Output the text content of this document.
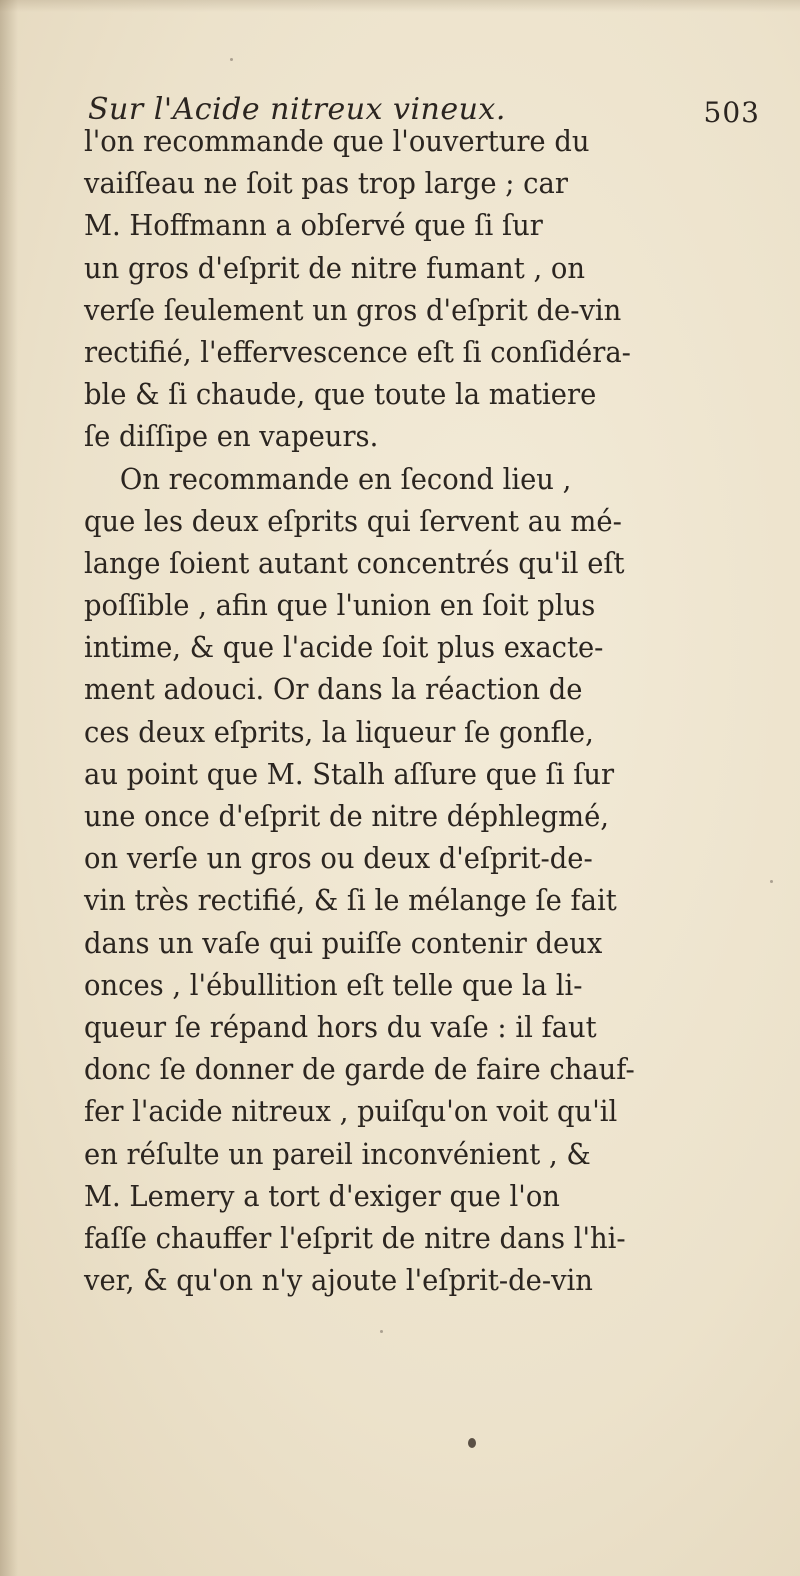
Sur l'Acide nitreux vineux.	503
l'on recommande que l'ouverture du
vaiſſeau ne ſoit pas trop large ; car
M. Hoffmann a obſervé que ſi ſur
un gros d'eſprit de nitre fumant , on
verſe ſeulement un gros d'eſprit de-vin
rectifié, l'effervescence eſt ſi conſidéra-
ble & ſi chaude, que toute la matiere
ſe diſſipe en vapeurs.
On recommande en ſecond lieu ,
que les deux eſprits qui ſervent au mé-
lange ſoient autant concentrés qu'il eſt
poſſible , afin que l'union en ſoit plus
intime, & que l'acide ſoit plus exacte-
ment adouci. Or dans la réaction de
ces deux eſprits, la liqueur ſe gonfle,
au point que M. Stalh aſſure que ſi ſur
une once d'eſprit de nitre déphlegmé,
on verſe un gros ou deux d'eſprit-de-
vin très rectifié, & ſi le mélange ſe fait
dans un vaſe qui puiſſe contenir deux
onces , l'ébullition eſt telle que la li-
queur ſe répand hors du vaſe : il faut
donc ſe donner de garde de faire chauf-
fer l'acide nitreux , puiſqu'on voit qu'il
en réſulte un pareil inconvénient , &
M. Lemery a tort d'exiger que l'on
faſſe chauffer l'eſprit de nitre dans l'hi-
ver, & qu'on n'y ajoute l'eſprit-de-vin
